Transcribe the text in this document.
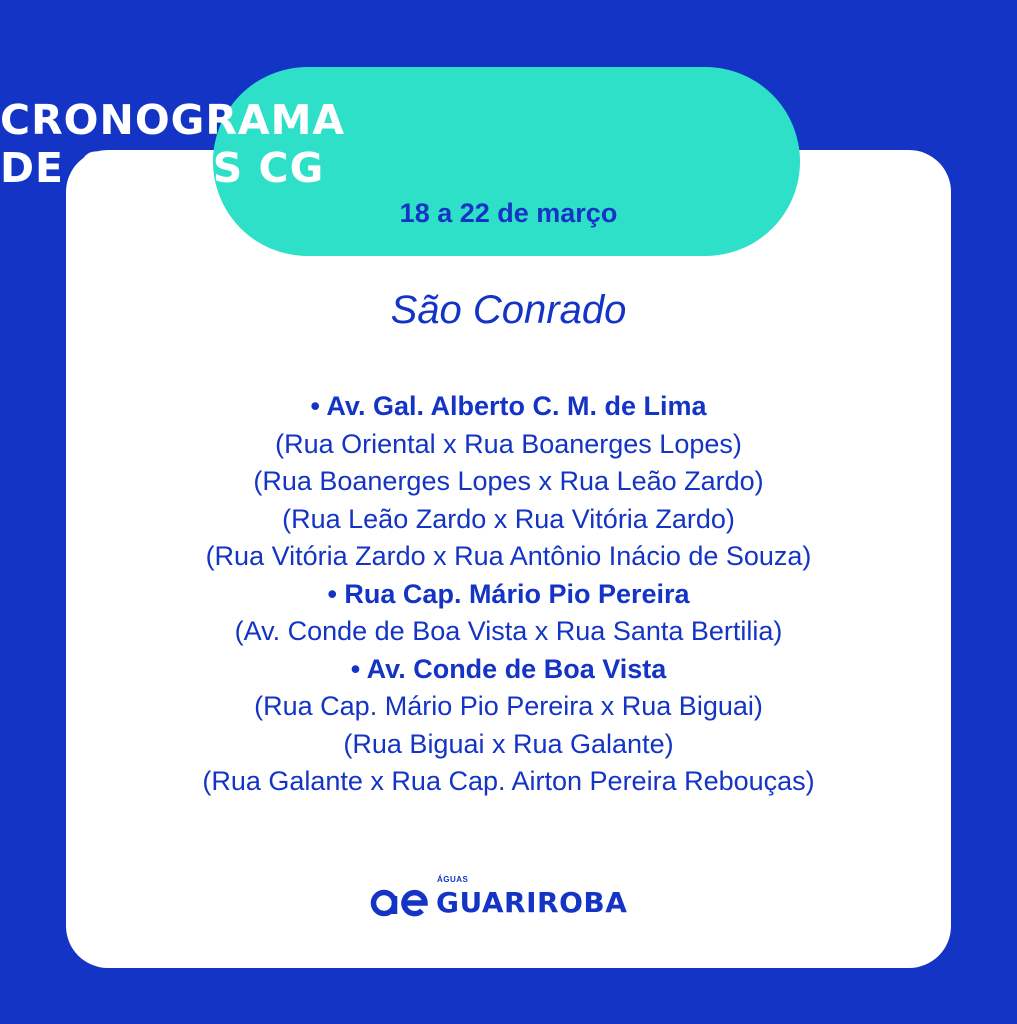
CRONOGRAMA
DE OBRAS CG
18 a 22 de março
São Conrado
• Av. Gal. Alberto C. M. de Lima
(Rua Oriental x Rua Boanerges Lopes)
(Rua Boanerges Lopes x Rua Leão Zardo)
(Rua Leão Zardo x Rua Vitória Zardo)
(Rua Vitória Zardo x Rua Antônio Inácio de Souza)
• Rua Cap. Mário Pio Pereira
(Av. Conde de Boa Vista x Rua Santa Bertilia)
• Av. Conde de Boa Vista
(Rua Cap. Mário Pio Pereira x Rua Biguai)
(Rua Biguai x Rua Galante)
(Rua Galante x Rua Cap. Airton Pereira Rebouças)
ÁGUAS
GUARIROBA
